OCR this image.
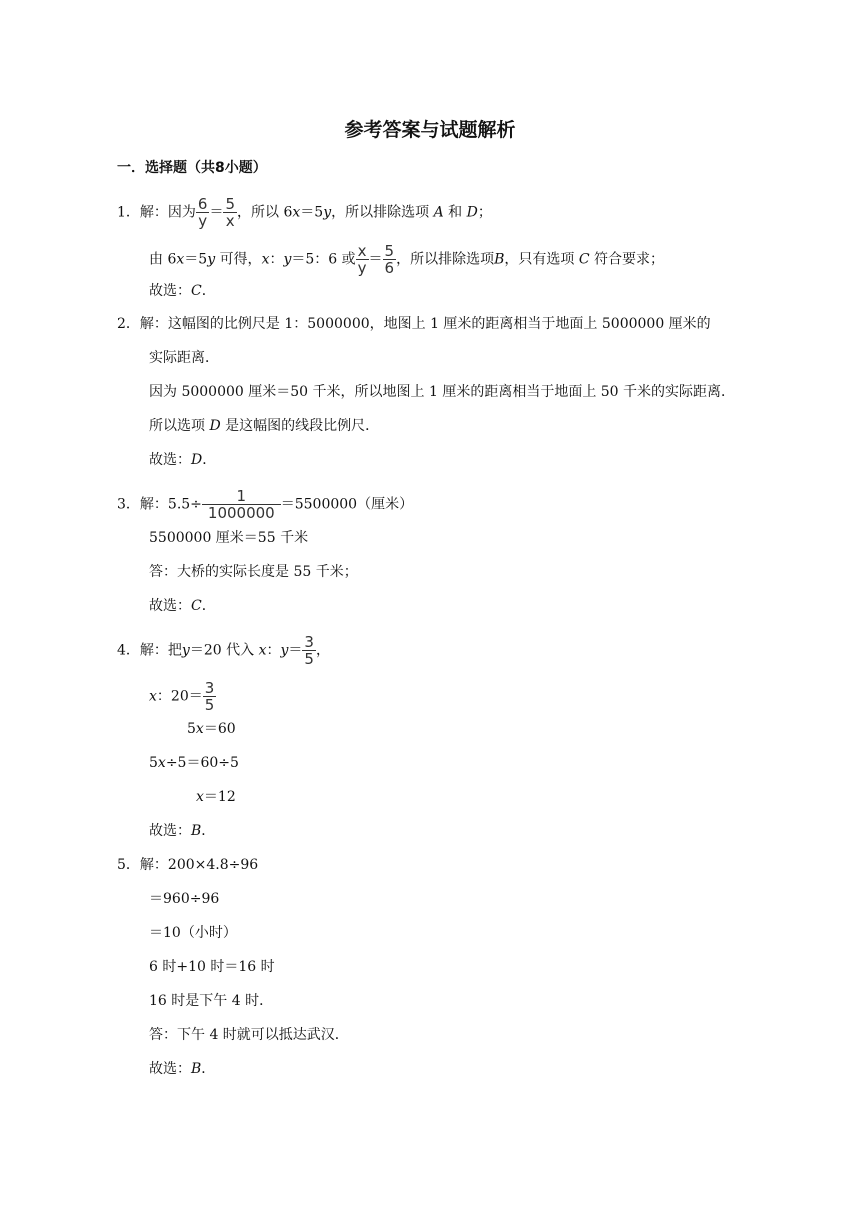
参考答案与试题解析
一．选择题（共8小题）
1．解：因为 $\frac{6}{y} = \frac{5}{x}$ ，所以 6x＝5y，所以排除选项 A 和 D；
由 6x＝5y 可得，x：y＝5：6 或 $\frac{x}{y} = \frac{5}{6}$ ，所以排除选项B，只有选项 C 符合要求；
故选：C．
2．解：这幅图的比例尺是 1：5000000，地图上 1 厘米的距离相当于地面上 5000000 厘米的
实际距离．
因为 5000000 厘米＝50 千米，所以地图上 1 厘米的距离相当于地面上 50 千米的实际距离．
所以选项 D 是这幅图的线段比例尺．
故选：D．
3．解：$5.5\div \frac{1}{1000000} =5500000$（厘米）
5500000 厘米＝55 千米
答：大桥的实际长度是 55 千米；
故选：C．
4．解：把y＝20 代入 x：$y= \frac{3}{5}$ ，
x：$20= \frac{3}{5}$
5x＝60
5x÷5＝60÷5
x＝12
故选：B．
5．解：200×4.8÷96
＝960÷96
＝10（小时）
6 时+10 时＝16 时
16 时是下午 4 时．
答：下午 4 时就可以抵达武汉．
故选：B．
